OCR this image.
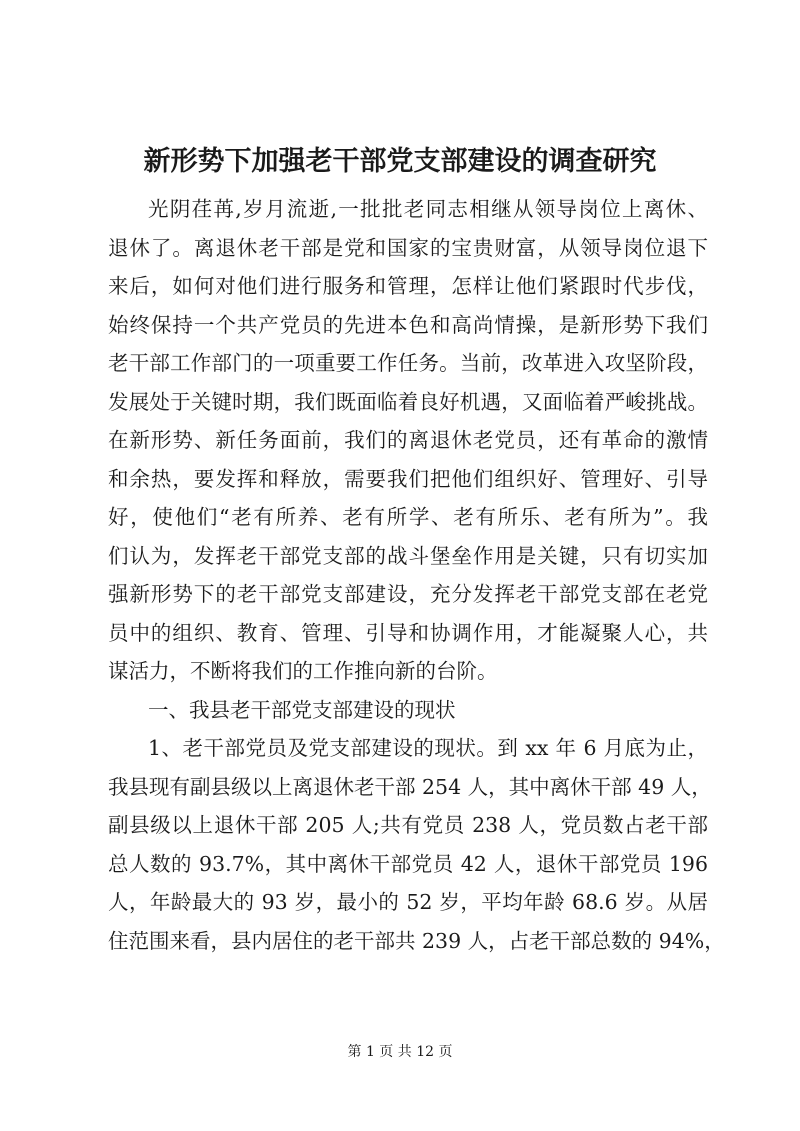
新形势下加强老干部党支部建设的调查研究
光阴荏苒,岁月流逝,一批批老同志相继从领导岗位上离休、
退休了。离退休老干部是党和国家的宝贵财富，从领导岗位退下
来后，如何对他们进行服务和管理，怎样让他们紧跟时代步伐，
始终保持一个共产党员的先进本色和高尚情操，是新形势下我们
老干部工作部门的一项重要工作任务。当前，改革进入攻坚阶段，
发展处于关键时期，我们既面临着良好机遇，又面临着严峻挑战。
在新形势、新任务面前，我们的离退休老党员，还有革命的激情
和余热，要发挥和释放，需要我们把他们组织好、管理好、引导
好，使他们“老有所养、老有所学、老有所乐、老有所为”。我
们认为，发挥老干部党支部的战斗堡垒作用是关键，只有切实加
强新形势下的老干部党支部建设，充分发挥老干部党支部在老党
员中的组织、教育、管理、引导和协调作用，才能凝聚人心，共
谋活力，不断将我们的工作推向新的台阶。
一、我县老干部党支部建设的现状
1、老干部党员及党支部建设的现状。到 xx 年 6 月底为止，
我县现有副县级以上离退休老干部 254 人，其中离休干部 49 人，
副县级以上退休干部 205 人;共有党员 238 人，党员数占老干部
总人数的 93.7%，其中离休干部党员 42 人，退休干部党员 196
人，年龄最大的 93 岁，最小的 52 岁，平均年龄 68.6 岁。从居
住范围来看，县内居住的老干部共 239 人，占老干部总数的 94%，
第 1 页 共 12 页
